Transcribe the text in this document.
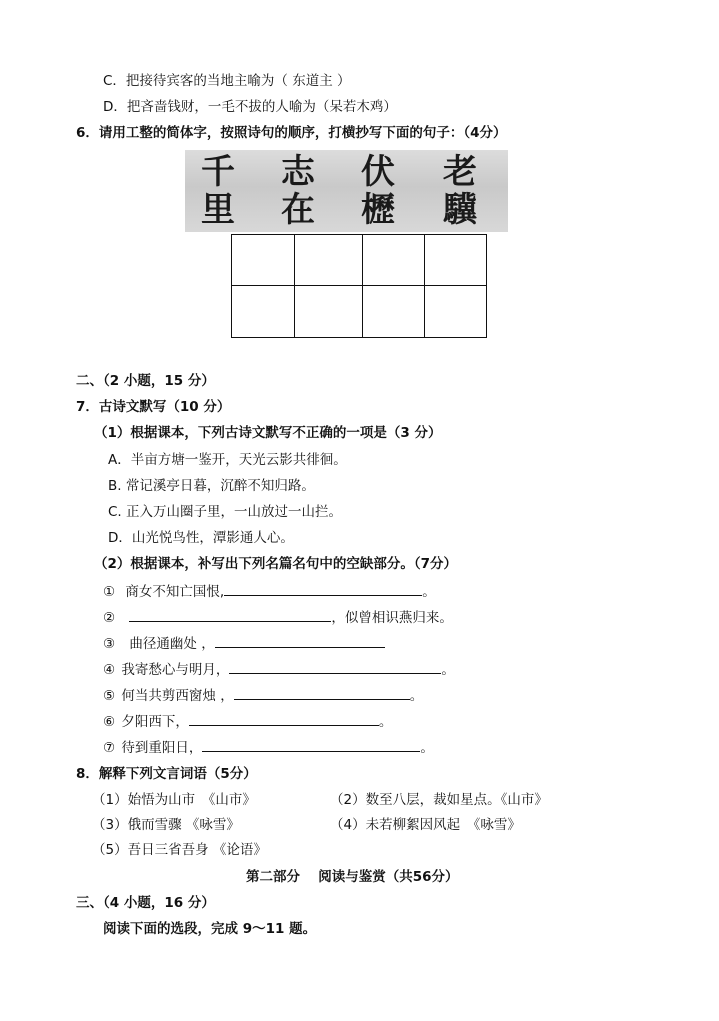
C．把接待宾客的当地主喻为（ 东道主 ）
D．把吝啬钱财，一毛不拔的人喻为（呆若木鸡）
6．请用工整的简体字，按照诗句的顺序，打横抄写下面的句子：（4分）
千 志 伏 老
里 在 櫪 驥

二、（2 小题，15 分）
7．古诗文默写（10 分）
（1）根据课本，下列古诗文默写不正确的一项是（3 分）
A．半亩方塘一鉴开，天光云影共徘徊。
B. 常记溪亭日暮，沉醉不知归路。
C. 正入万山圈子里，一山放过一山拦。
D．山光悦鸟性，潭影通人心。
（2）根据课本，补写出下列名篇名句中的空缺部分。（7分）
① 商女不知亡国恨,	。
②	，似曾相识燕归来。
③ 曲径通幽处 ，
④ 我寄愁心与明月，	。
⑤ 何当共剪西窗烛 ，	。
⑥ 夕阳西下，	。
⑦ 待到重阳日，	。
8．解释下列文言词语（5分）
（1）始悟为山市　《山市》	（2）数至八层，裁如星点。《山市》
（3）俄而雪骤 《咏雪》	（4）未若柳絮因风起　《咏雪》
（5）吾日三省吾身 《论语》
第二部分　 阅读与鉴赏（共56分）
三、（4 小题，16 分）
阅读下面的选段，完成 9～11 题。
